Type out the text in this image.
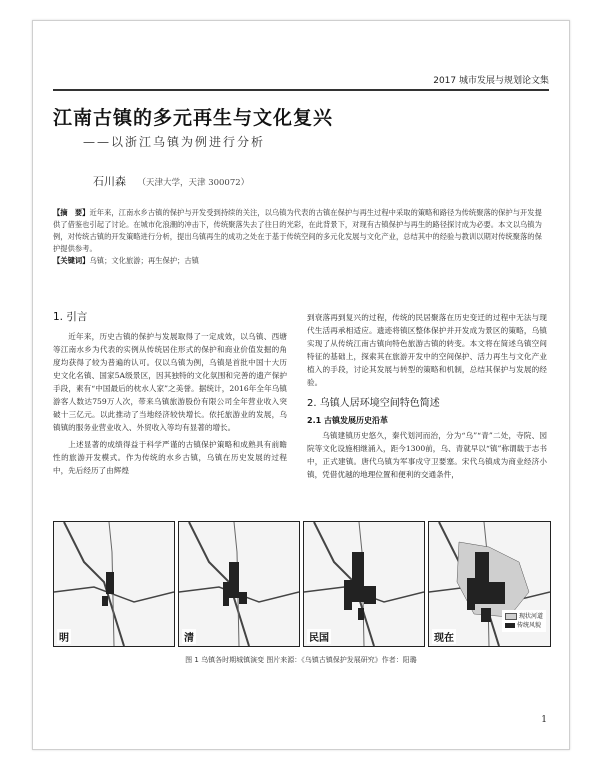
2017 城市发展与规划论文集
江南古镇的多元再生与文化复兴
——以浙江乌镇为例进行分析
石川森 （天津大学，天津 300072）
【摘　要】近年来，江南水乡古镇的保护与开发受到持续的关注，以乌镇为代表的古镇在保护与再生过程中采取的策略和路径为传统聚落的保护与开发提供了借鉴也引起了讨论。在城市化浪潮的冲击下，传统聚落失去了往日的光彩，在此背景下，对现有古镇保护与再生的路径探讨成为必要。本文以乌镇为例，对传统古镇的开发策略进行分析，提出乌镇再生的成功之处在于基于传统空间的多元化发展与文化产业，总结其中的经验与教训以期对传统聚落的保护提供参考。
【关键词】乌镇；文化旅游；再生保护；古镇
1. 引言

近年来，历史古镇的保护与发展取得了一定成效，以乌镇、西塘等江南水乡为代表的实例从传统居住形式的保护和商业价值发掘的角度均获得了较为普遍的认可。仅以乌镇为例，乌镇是首批中国十大历史文化名镇、国家5A级景区，因其独特的文化氛围和完善的遗产保护手段，素有“中国最后的枕水人家”之美誉。据统计，2016年全年乌镇游客人数达759万人次，带来乌镇旅游股份有限公司全年营业收入突破十三亿元。以此推动了当地经济较快增长。依托旅游业的发展，乌镇镇的服务业营业收入、外贸收入等均有显著的增长。

上述显著的成绩得益于科学严谨的古镇保护策略和成熟具有前瞻性的旅游开发模式。作为传统的水乡古镇，乌镇在历史发展的过程中，先后经历了由辉煌

到衰落再到复兴的过程，传统的民居聚落在历史变迁的过程中无法与现代生活再承相适应。遗迹将镇区整体保护并开发成为景区的策略，乌镇实现了从传统江南古镇向特色旅游古镇的转变。本文将在简述乌镇空间特征的基础上，探索其在旅游开发中的空间保护、活力再生与文化产业植入的手段，讨论其发展与转型的策略和机制，总结其保护与发展的经验。

2. 乌镇人居环境空间特色简述
2.1 古镇发展历史沿革

乌镇建镇历史悠久，秦代划河而治，分为“乌”“青”二处，寺院、园院等文化设施相继涌入，距今1300前，乌、青就早以“镇”称谓载于志书中，正式建镇。唐代乌镇为军事戍守卫要塞。宋代乌镇成为商业经济小镇，凭借优越的地理位置和便利的交通条件，

明	清	民国
现状河道
传统风貌
现在
图 1 乌镇各时期城镇演变 图片来源：《乌镇古镇保护发展研究》作者：阳璐
1
